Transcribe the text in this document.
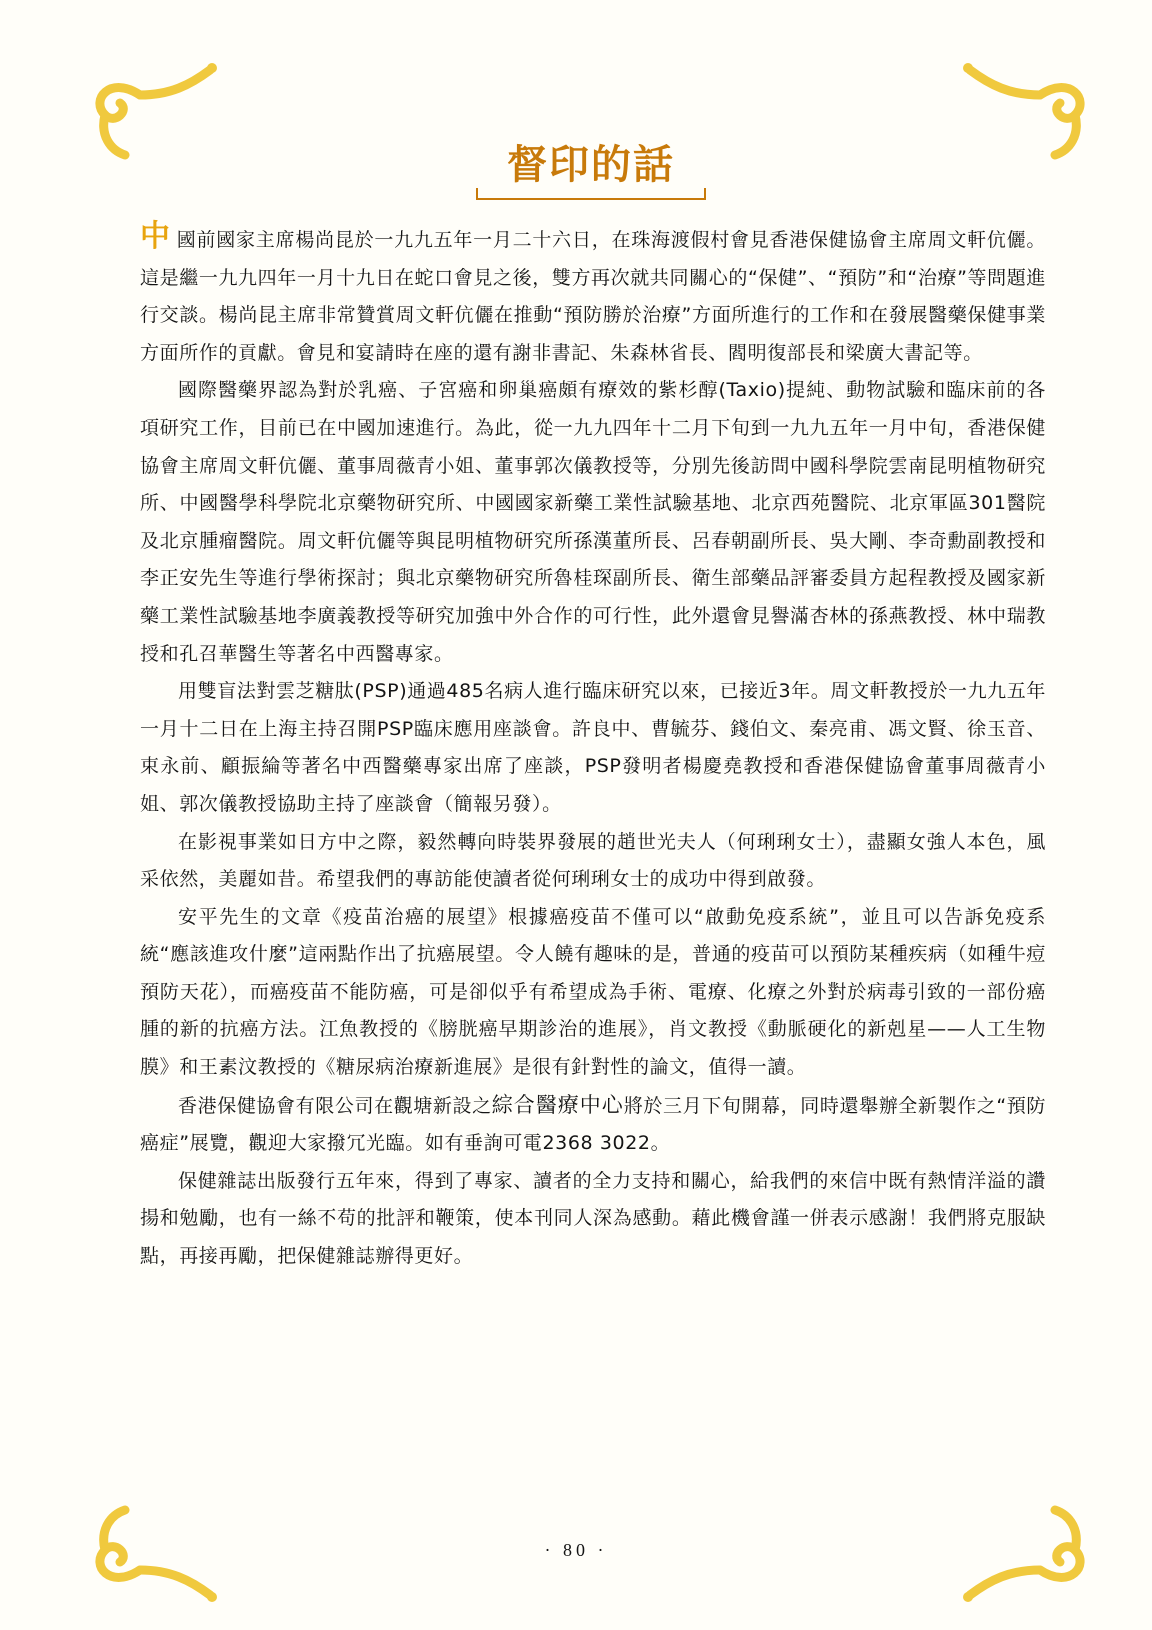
督印的話

中國前國家主席楊尚昆於一九九五年一月二十六日，在珠海渡假村會見香港保健協會主席周文軒伉儷。這是繼一九九四年一月十九日在蛇口會見之後，雙方再次就共同關心的“保健”、“預防”和“治療”等問題進行交談。楊尚昆主席非常贊賞周文軒伉儷在推動“預防勝於治療”方面所進行的工作和在發展醫藥保健事業方面所作的貢獻。會見和宴請時在座的還有謝非書記、朱森林省長、閻明復部長和梁廣大書記等。

國際醫藥界認為對於乳癌、子宮癌和卵巢癌頗有療效的紫杉醇(Taxio)提純、動物試驗和臨床前的各項研究工作，目前已在中國加速進行。為此，從一九九四年十二月下旬到一九九五年一月中旬，香港保健協會主席周文軒伉儷、董事周薇青小姐、董事郭次儀教授等，分別先後訪問中國科學院雲南昆明植物研究所、中國醫學科學院北京藥物研究所、中國國家新藥工業性試驗基地、北京西苑醫院、北京軍區301醫院及北京腫瘤醫院。周文軒伉儷等與昆明植物研究所孫漢董所長、呂春朝副所長、吳大剛、李奇勳副教授和李正安先生等進行學術探討；與北京藥物研究所魯桂琛副所長、衛生部藥品評審委員方起程教授及國家新藥工業性試驗基地李廣義教授等研究加強中外合作的可行性，此外還會見譽滿杏林的孫燕教授、林中瑞教授和孔召華醫生等著名中西醫專家。

用雙盲法對雲芝糖肽(PSP)通過485名病人進行臨床研究以來，已接近3年。周文軒教授於一九九五年一月十二日在上海主持召開PSP臨床應用座談會。許良中、曹毓芬、錢伯文、秦亮甫、馮文賢、徐玉音、束永前、顧振綸等著名中西醫藥專家出席了座談，PSP發明者楊慶堯教授和香港保健協會董事周薇青小姐、郭次儀教授協助主持了座談會（簡報另發）。

在影視事業如日方中之際，毅然轉向時裝界發展的趙世光夫人（何琍琍女士），盡顯女強人本色，風采依然，美麗如昔。希望我們的專訪能使讀者從何琍琍女士的成功中得到啟發。

安平先生的文章《疫苗治癌的展望》根據癌疫苗不僅可以“啟動免疫系統”，並且可以告訴免疫系統“應該進攻什麼”這兩點作出了抗癌展望。令人饒有趣味的是，普通的疫苗可以預防某種疾病（如種牛痘預防天花），而癌疫苗不能防癌，可是卻似乎有希望成為手術、電療、化療之外對於病毒引致的一部份癌腫的新的抗癌方法。江魚教授的《膀胱癌早期診治的進展》，肖文教授《動脈硬化的新剋星——人工生物膜》和王素汶教授的《糖尿病治療新進展》是很有針對性的論文，值得一讀。

香港保健協會有限公司在觀塘新設之綜合醫療中心將於三月下旬開幕，同時還舉辦全新製作之“預防癌症”展覽，觀迎大家撥冗光臨。如有垂詢可電2368 3022。

保健雜誌出版發行五年來，得到了專家、讀者的全力支持和關心，給我們的來信中既有熱情洋溢的讚揚和勉勵，也有一絲不苟的批評和鞭策，使本刊同人深為感動。藉此機會謹一併表示感謝！我們將克服缺點，再接再勵，把保健雜誌辦得更好。

· 80 ·
